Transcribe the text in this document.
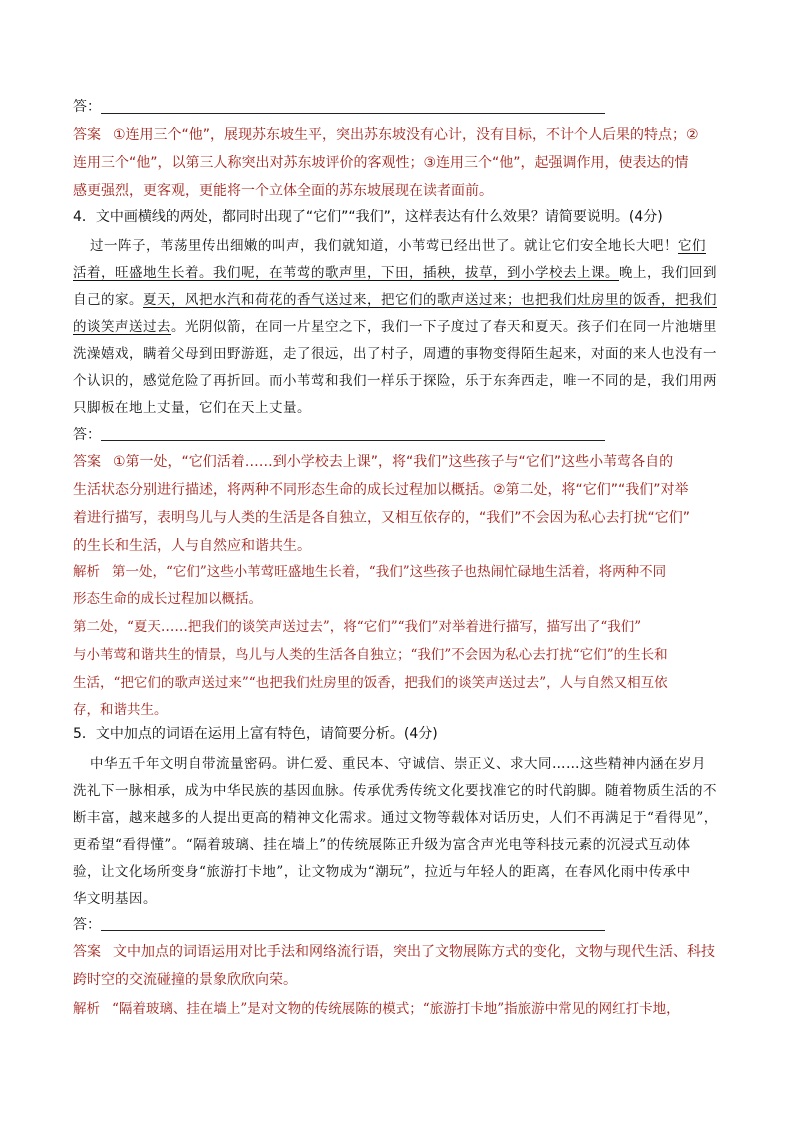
答：
答案 ①连用三个“他”，展现苏东坡生平，突出苏东坡没有心计，没有目标，不计个人后果的特点；②
连用三个“他”，以第三人称突出对苏东坡评价的客观性；③连用三个“他”，起强调作用，使表达的情
感更强烈，更客观，更能将一个立体全面的苏东坡展现在读者面前。
4．文中画横线的两处，都同时出现了“它们”“我们”，这样表达有什么效果？请简要说明。(4分)
过一阵子，苇荡里传出细嫩的叫声，我们就知道，小苇莺已经出世了。就让它们安全地长大吧！它们
活着，旺盛地生长着。我们呢，在苇莺的歌声里，下田，插秧，拔草，到小学校去上课。晚上，我们回到
自己的家。夏天，风把水汽和荷花的香气送过来，把它们的歌声送过来；也把我们灶房里的饭香，把我们
的谈笑声送过去。光阴似箭，在同一片星空之下，我们一下子度过了春天和夏天。孩子们在同一片池塘里
洗澡嬉戏，瞒着父母到田野游逛，走了很远，出了村子，周遭的事物变得陌生起来，对面的来人也没有一
个认识的，感觉危险了再折回。而小苇莺和我们一样乐于探险，乐于东奔西走，唯一不同的是，我们用两
只脚板在地上丈量，它们在天上丈量。
答：
答案 ①第一处，“它们活着……到小学校去上课”，将“我们”这些孩子与“它们”这些小苇莺各自的
生活状态分别进行描述，将两种不同形态生命的成长过程加以概括。②第二处，将“它们”“我们”对举
着进行描写，表明鸟儿与人类的生活是各自独立，又相互依存的，“我们”不会因为私心去打扰“它们”
的生长和生活，人与自然应和谐共生。
解析 第一处，“它们”这些小苇莺旺盛地生长着，“我们”这些孩子也热闹忙碌地生活着，将两种不同
形态生命的成长过程加以概括。
第二处，“夏天……把我们的谈笑声送过去”，将“它们”“我们”对举着进行描写，描写出了“我们”
与小苇莺和谐共生的情景，鸟儿与人类的生活各自独立；“我们”不会因为私心去打扰“它们”的生长和
生活，“把它们的歌声送过来”“也把我们灶房里的饭香，把我们的谈笑声送过去”，人与自然又相互依
存，和谐共生。
5．文中加点的词语在运用上富有特色，请简要分析。(4分)
中华五千年文明自带流量密码。讲仁爱、重民本、守诚信、崇正义、求大同……这些精神内涵在岁月
洗礼下一脉相承，成为中华民族的基因血脉。传承优秀传统文化要找准它的时代韵脚。随着物质生活的不
断丰富，越来越多的人提出更高的精神文化需求。通过文物等载体对话历史，人们不再满足于“看得见”，
更希望“看得懂”。“隔着玻璃、挂在墙上”的传统展陈正升级为富含声光电等科技元素的沉浸式互动体
验，让文化场所变身“旅游打卡地”，让文物成为“潮玩”，拉近与年轻人的距离，在春风化雨中传承中
华文明基因。
答：
答案 文中加点的词语运用对比手法和网络流行语，突出了文物展陈方式的变化，文物与现代生活、科技
跨时空的交流碰撞的景象欣欣向荣。
解析 “隔着玻璃、挂在墙上”是对文物的传统展陈的模式；“旅游打卡地”指旅游中常见的网红打卡地，
